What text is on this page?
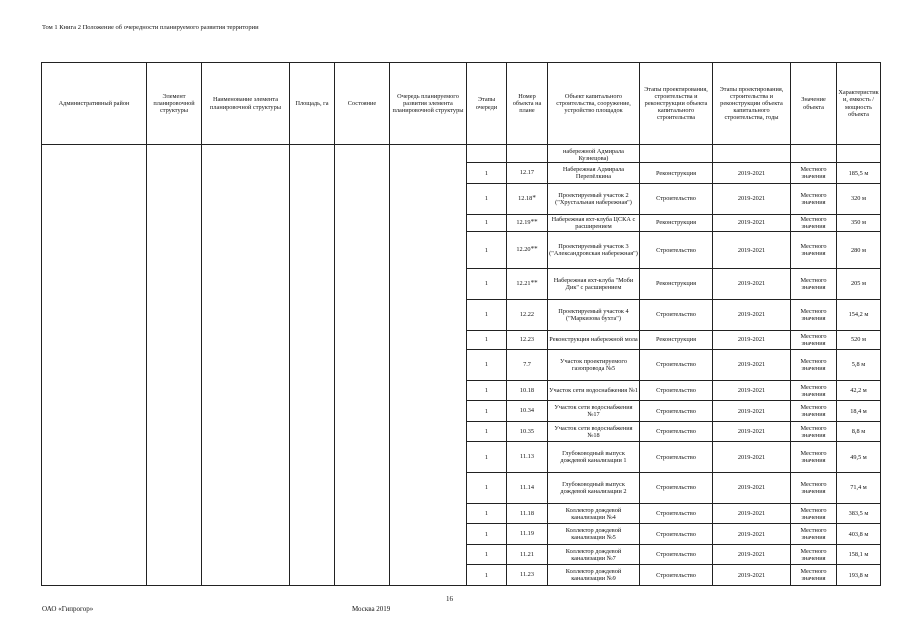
Том 1 Книга 2 Положение об очередности планируемого развития территории
Административный район	Элемент планировочной структуры	Наименование элемента планировочной структуры	Площадь, га	Состояние	Очередь планируемого развития элемента планировочной структуры	Этапы очереди	Номер объекта на плане	Объект капитального строительства, сооружение, устройство площадок	Этапы проектирования, строительства и реконструкции объекта капитального строительства	Этапы проектирования, строительства и реконструкции объекта капитального строительства, годы	Значение объекта	Характеристик и, емкость / мощность объекта
								набережной Адмирала Кузнецова)				
						1	12.17	Набережная Адмирала Перепёлкина	Реконструкция	2019-2021	Местного значения	185,5 м
						1	12.18*	Проектируемый участок 2 ("Хрустальная набережная")	Строительство	2019-2021	Местного значения	320 м
						1	12.19**	Набережная яхт-клуба ЦСКА с расширением	Реконструкция	2019-2021	Местного значения	350 м
						1	12.20**	Проектируемый участок 3 ("Александровская набережная")	Строительство	2019-2021	Местного значения	280 м
						1	12.21**	Набережная яхт-клуба "Моби Дик" с расширением	Реконструкция	2019-2021	Местного значения	205 м
						1	12.22	Проектируемый участок 4 ("Маркизова бухта")	Строительство	2019-2021	Местного значения	154,2 м
						1	12.23	Реконструкция набережной мола	Реконструкция	2019-2021	Местного значения	520 м
						1	7.7	Участок проектируемого газопровода №5	Строительство	2019-2021	Местного значения	5,8 м
						1	10.18	Участок сети водоснабжения №1	Строительство	2019-2021	Местного значения	42,2 м
						1	10.34	Участок сети водоснабжения №17	Строительство	2019-2021	Местного значения	18,4 м
						1	10.35	Участок сети водоснабжения №18	Строительство	2019-2021	Местного значения	8,8 м
						1	11.13	Глубоководный выпуск дождевой канализации 1	Строительство	2019-2021	Местного значения	49,5 м
						1	11.14	Глубоководный выпуск дождевой канализации 2	Строительство	2019-2021	Местного значения	71,4 м
						1	11.18	Коллектор дождевой канализации №4	Строительство	2019-2021	Местного значения	383,5 м
						1	11.19	Коллектор дождевой канализации №5	Строительство	2019-2021	Местного значения	403,8 м
						1	11.21	Коллектор дождевой канализации №7	Строительство	2019-2021	Местного значения	158,1 м
						1	11.23	Коллектор дождевой канализации №9	Строительство	2019-2021	Местного значения	193,8 м
16
ОАО «Гипрогор»	Москва 2019
